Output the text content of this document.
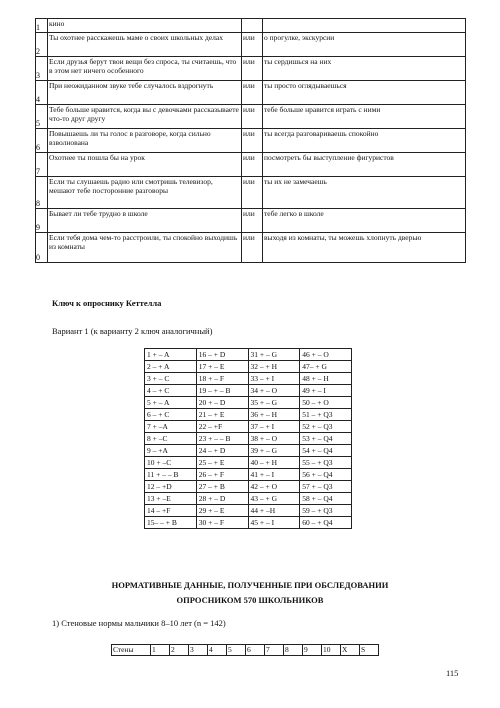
1	кино		
2	Ты охотнее расскажешь маме о своих школьных делах	или	о прогулке, экскурсии
3	Если друзья берут твои вещи без спроса, ты считаешь, что в этом нет ничего особенного	или	ты сердишься на них
4	При неожиданном звуке тебе случалось вздрогнуть	или	ты просто оглядываешься
5	Тебе больше нравится, когда вы с девочками рассказываете что-то друг другу	или	тебе больше нравится играть с ними
6	Повышаешь ли ты голос в разговоре, когда сильно взволнована	или	ты всегда разговариваешь спокойно
7	Охотнее ты пошла бы на урок	или	посмотреть бы выступление фигуристов
8	Если ты слушаешь радио или смотришь телевизор, мешают тебе посторонние разговоры	или	ты их не замечаешь
9	Бывает ли тебе трудно в школе	или	тебе легко в школе
0	Если тебя дома чем-то расстроили, ты спокойно выходишь из комнаты	или	выходя из комнаты, ты можешь хлопнуть дверью
Ключ к опроснику Кеттелла
Вариант 1 (к варианту 2 ключ аналогичный)
1 + – A	16 – + D	31 + – G	46 + – O
2 – + A	17 + – E	32 – + H	47– + G
3 + – C	18 + – F	33 – + I	48 + – H
4 – + C	19 – + – B	34 + – O	49 + – I
5 + – A	20 + – D	35 + – G	50 – + O
6 – + C	21 – + E	36 + – H	51 – + Q3
7 + –A	22 – +F	37 – + I	52 + – Q3
8 + –C	23 + – – B	38 + – O	53 + – Q4
9 – +A	24 – + D	39 + – G	54 + – Q4
10 + –C	25 – + E	40 – + H	55 – + Q3
11 + – – B	26 – + F	41 + – I	56 + – Q4
12 – +D	27 – + B	42 – + O	57 + – Q3
13 + –E	28 + – D	43 – + G	58 + – Q4
14 – +F	29 + – E	44 + –H	59 – + Q3
15– – + B	30 + – F	45 + – I	60 – + Q4
НОРМАТИВНЫЕ ДАННЫЕ, ПОЛУЧЕННЫЕ ПРИ ОБСЛЕДОВАНИИ
ОПРОСНИКОМ 570 ШКОЛЬНИКОВ
1) Стеновые нормы мальчики 8–10 лет (n = 142)
Стены	1	2	3	4	5	6	7	8	9	10	X	S
115
